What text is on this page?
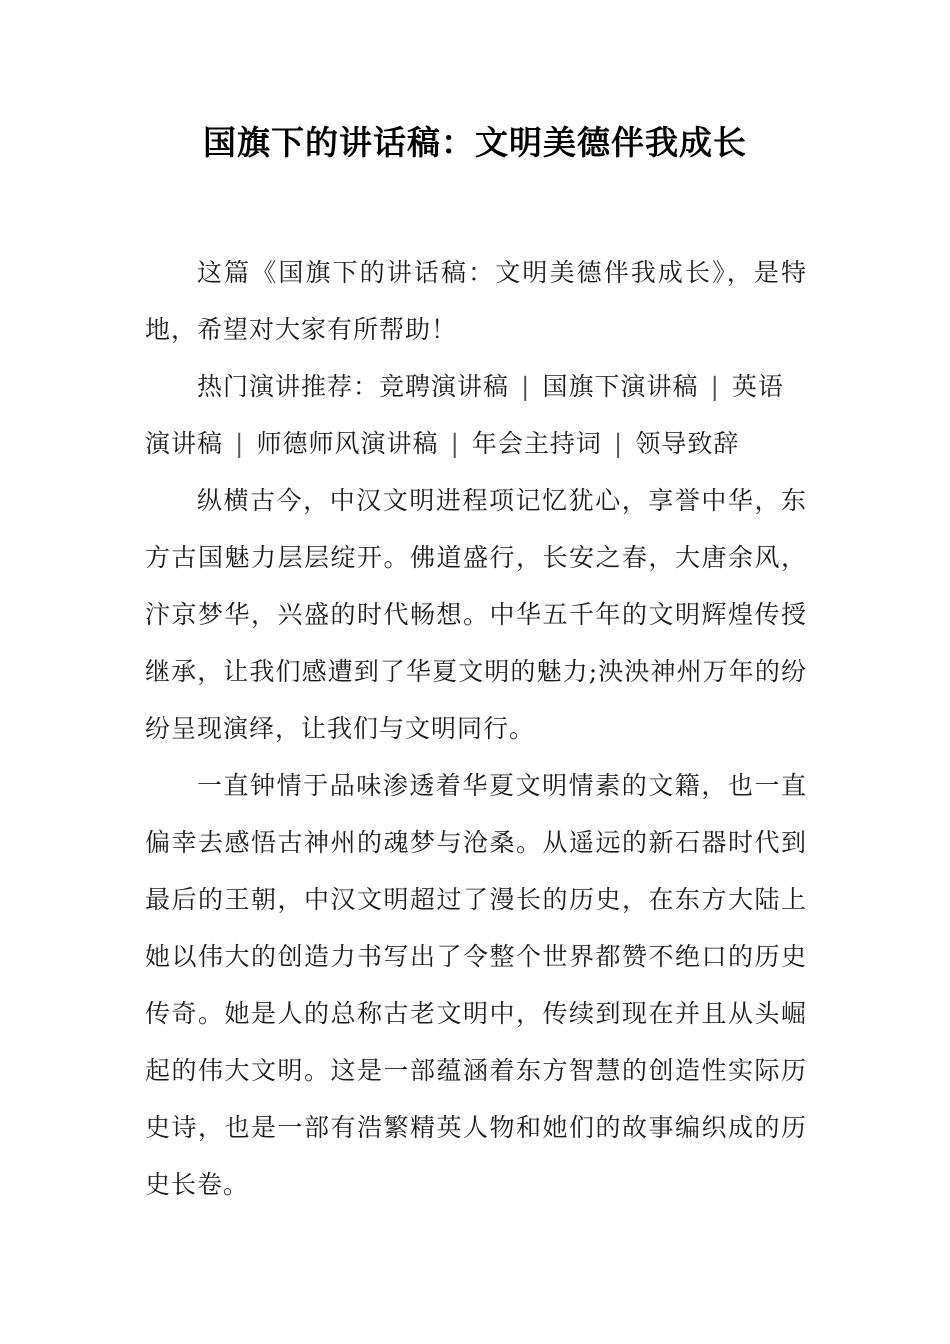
国旗下的讲话稿：文明美德伴我成长

这篇《国旗下的讲话稿：文明美德伴我成长》，是特地，希望对大家有所帮助！

热门演讲推荐：竞聘演讲稿 | 国旗下演讲稿 | 英语演讲稿 | 师德师风演讲稿 | 年会主持词 | 领导致辞

纵横古今，中汉文明进程项记忆犹心，享誉中华，东方古国魅力层层绽开。佛道盛行，长安之春，大唐余风，汴京梦华，兴盛的时代畅想。中华五千年的文明辉煌传授继承，让我们感遭到了华夏文明的魅力;泱泱神州万年的纷纷呈现演绎，让我们与文明同行。

一直钟情于品味渗透着华夏文明情素的文籍，也一直偏幸去感悟古神州的魂梦与沧桑。从遥远的新石器时代到最后的王朝，中汉文明超过了漫长的历史，在东方大陆上她以伟大的创造力书写出了令整个世界都赞不绝口的历史传奇。她是人的总称古老文明中，传续到现在并且从头崛起的伟大文明。这是一部蕴涵着东方智慧的创造性实际历史诗，也是一部有浩繁精英人物和她们的故事编织成的历史长卷。
